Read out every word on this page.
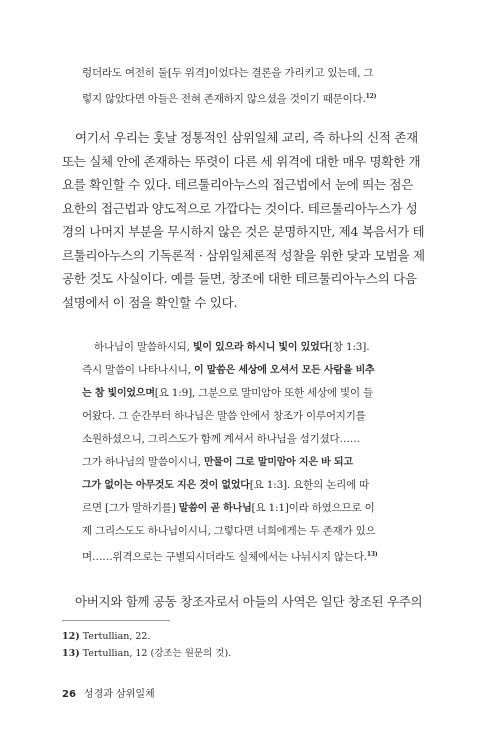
렁더라도 여전히 둘[두 위격]이었다는 결론을 가리키고 있는데, 그

렇지 않았다면 아들은 전혀 존재하지 않으셨을 것이기 때문이다.$^{12)}$

여기서 우리는 훗날 정통적인 삼위일체 교리, 즉 하나의 신적 존재

또는 실체 안에 존재하는 뚜렷이 다른 세 위격에 대한 매우 명확한 개

요를 확인할 수 있다. 테르툴리아누스의 접근법에서 눈에 띄는 점은

요한의 접근법과 양도적으로 가깝다는 것이다. 테르툴리아누스가 성

경의 나머지 부분을 무시하지 않은 것은 분명하지만, 제4 복음서가 테

르툴리아누스의 기독론적 · 삼위일체론적 성찰을 위한 닻과 모범을 제

공한 것도 사실이다. 예를 들면, 창조에 대한 테르툴리아누스의 다음

설명에서 이 점을 확인할 수 있다.

하나님이 말씀하시되, 빛이 있으라 하시니 빛이 있었다[창 1:3].

즉시 말씀이 나타나시니, 이 말씀은 세상에 오셔서 모든 사람을 비추

는 참 빛이었으며[요 1:9], 그분으로 말미암아 또한 세상에 빛이 들

어왔다. 그 순간부터 하나님은 말씀 안에서 창조가 이루어지기를

소원하셨으니, 그리스도가 함께 계셔서 하나님을 섬기셨다……

그가 하나님의 말씀이시니, 만물이 그로 말미암아 지은 바 되고

그가 없이는 아무것도 지은 것이 없었다[요 1:3]. 요한의 논리에 따

르면 [그가 말하기를] 말씀이 곧 하나님[요 1:1]이라 하였으므로 이

제 그리스도도 하나님이시니, 그렇다면 너희에게는 두 존재가 있으

며……위격으로는 구별되시더라도 실체에서는 나뉘시지 않는다.$^{13)}$

아버지와 함께 공동 창조자로서 아들의 사역은 일단 창조된 우주의

12) Tertullian, 22.
13) Tertullian, 12 (강조는 원문의 것).
26 성경과 삼위일체
